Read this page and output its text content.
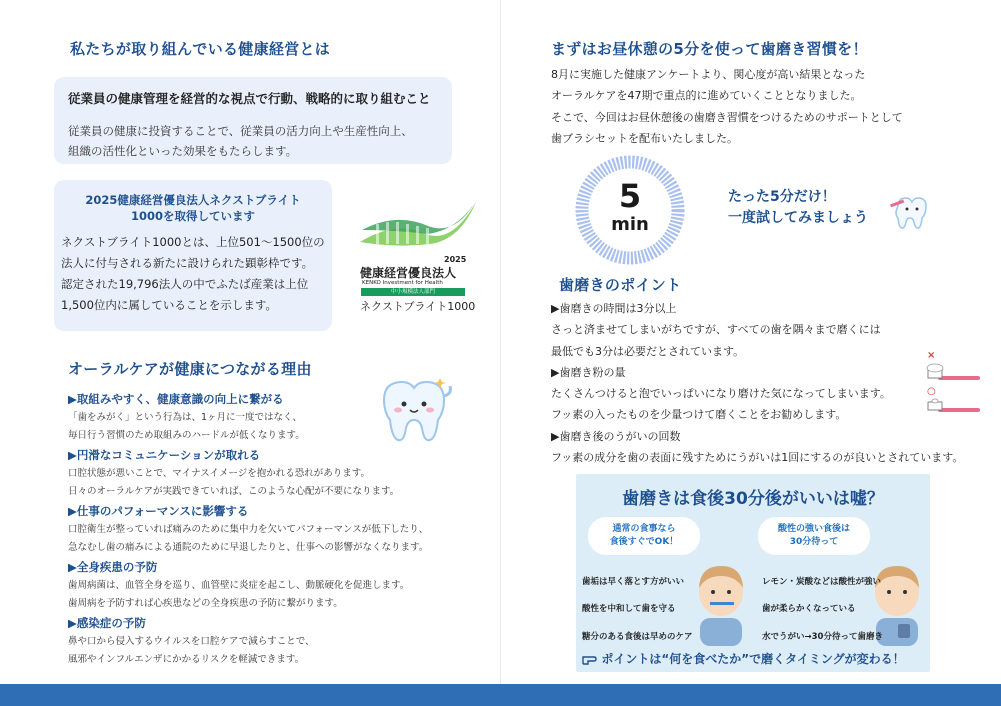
私たちが取り組んでいる健康経営とは
従業員の健康管理を経営的な視点で行動、戦略的に取り組むこと
従業員の健康に投資することで、従業員の活力向上や生産性向上、
組織の活性化といった効果をもたらします。
2025健康経営優良法人ネクストブライト
1000を取得しています
ネクストブライト1000とは、上位501〜1500位の
法人に付与される新たに設けられた顕彰枠です。
認定された19,796法人の中でふたば産業は上位
1,500位内に属していることを示します。
2025
健康経営優良法人
KENKO Investment for Health
中小規模法人部門
ネクストブライト1000
オーラルケアが健康につながる理由
▶取組みやすく、健康意識の向上に繋がる
「歯をみがく」という行為は、1ヶ月に一度ではなく、
毎日行う習慣のため取組みのハードルが低くなります。
▶円滑なコミュニケーションが取れる
口腔状態が悪いことで、マイナスイメージを抱かれる恐れがあります。
日々のオーラルケアが実践できていれば、このような心配が不要になります。
▶仕事のパフォーマンスに影響する
口腔衛生が整っていれば痛みのために集中力を欠いてパフォーマンスが低下したり、
急なむし歯の痛みによる通院のために早退したりと、仕事への影響がなくなります。
▶全身疾患の予防
歯周病菌は、血管全身を巡り、血管壁に炎症を起こし、動脈硬化を促進します。
歯周病を予防すれば心疾患などの全身疾患の予防に繋がります。
▶感染症の予防
鼻や口から侵入するウイルスを口腔ケアで減らすことで、
風邪やインフルエンザにかかるリスクを軽減できます。
まずはお昼休憩の5分を使って歯磨き習慣を！
8月に実施した健康アンケートより、関心度が高い結果となった
オーラルケアを47期で重点的に進めていくこととなりました。
そこで、今回はお昼休憩後の歯磨き習慣をつけるためのサポートとして
歯ブラシセットを配布いたしました。
5
min
たった5分だけ！
一度試してみましょう
歯磨きのポイント
▶歯磨きの時間は3分以上
さっと済ませてしまいがちですが、すべての歯を隅々まで磨くには
最低でも3分は必要だとされています。
▶歯磨き粉の量
たくさんつけると泡でいっぱいになり磨けた気になってしまいます。
フッ素の入ったものを少量つけて磨くことをお勧めします。
▶歯磨き後のうがいの回数
フッ素の成分を歯の表面に残すためにうがいは1回にするのが良いとされています。
×
○
歯磨きは食後30分後がいいは嘘？
通常の食事なら
食後すぐでOK！
酸性の強い食後は
30分待って
歯垢は早く落とす方がいい
酸性を中和して歯を守る
糖分のある食後は早めのケア
レモン・炭酸などは酸性が強い
歯が柔らかくなっている
水でうがい→30分待って歯磨き
ポイントは“何を食べたか”で磨くタイミングが変わる！
